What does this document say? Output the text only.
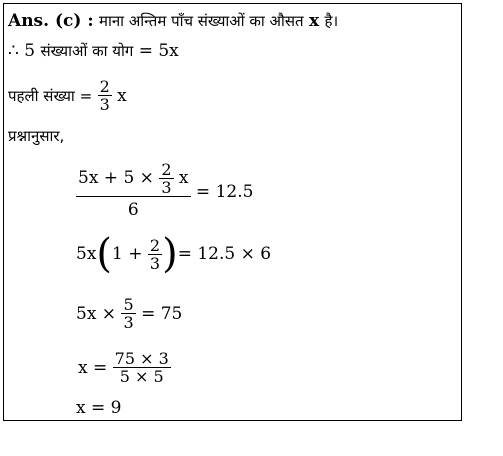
Ans. (c) : माना अन्तिम पाँच संख्याओं का औसत x है।
∴ 5 संख्याओं का योग = 5x
पहली संख्या = $\frac{2}{3}$ x
प्रश्नानुसार,
$\frac{5x + 5 \times \frac{2}{3} x}{6} = 12.5$
$5x(1 + \frac{2}{3}$ )= 12.5 × 6
$5x \times \frac{5}{3} = 75$
$x = \frac{75 \times 3}{5 \times 5}$
x = 9
